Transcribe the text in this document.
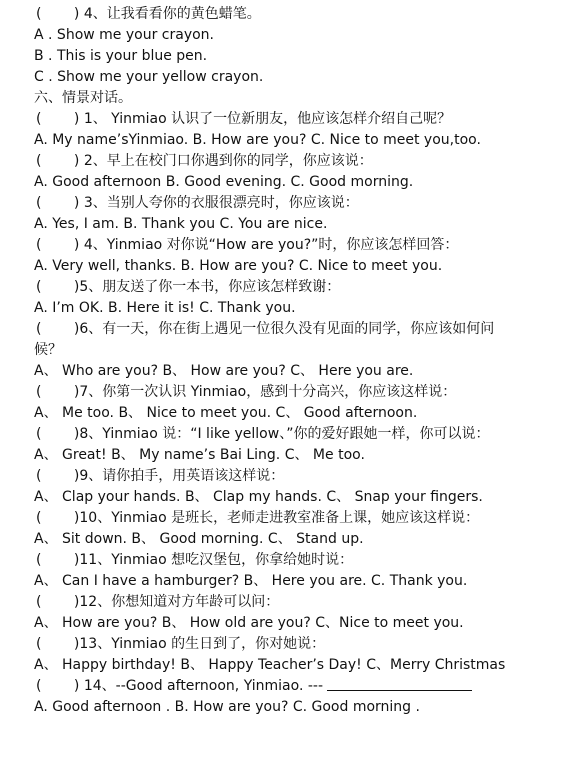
(　　 ) 4、让我看看你的黄色蜡笔。
A . Show me your crayon.
B . This is your blue pen.
C . Show me your yellow crayon.
六、情景对话。
(　　 ) 1、 Yinmiao 认识了一位新朋友，他应该怎样介绍自己呢？
A. My name’sYinmiao. B. How are you? C. Nice to meet you,too.
(　　 ) 2、早上在校门口你遇到你的同学，你应该说：
A. Good afternoon B. Good evening. C. Good morning.
(　　 ) 3、当别人夸你的衣服很漂亮时，你应该说：
A. Yes, I am. B. Thank you C. You are nice.
(　　 ) 4、Yinmiao 对你说“How are you?”时，你应该怎样回答：
A. Very well, thanks. B. How are you? C. Nice to meet you.
(　　 )5、朋友送了你一本书，你应该怎样致谢：
A. I’m OK. B. Here it is! C. Thank you.
(　　 )6、有一天，你在街上遇见一位很久没有见面的同学，你应该如何问
候？
A、 Who are you? B、 How are you? C、 Here you are.
(　　 )7、你第一次认识 Yinmiao，感到十分高兴，你应该这样说：
A、 Me too. B、 Nice to meet you. C、 Good afternoon.
(　　 )8、Yinmiao 说：“I like yellow、”你的爱好跟她一样，你可以说：
A、 Great! B、 My name’s Bai Ling. C、 Me too.
(　　 )9、请你拍手，用英语该这样说：
A、 Clap your hands. B、 Clap my hands. C、 Snap your fingers.
(　　 )10、Yinmiao 是班长，老师走进教室准备上课，她应该这样说：
A、 Sit down. B、 Good morning. C、 Stand up.
(　　 )11、Yinmiao 想吃汉堡包，你拿给她时说：
A、 Can I have a hamburger? B、 Here you are. C. Thank you.
(　　 )12、你想知道对方年龄可以问：
A、 How are you? B、 How old are you? C、Nice to meet you.
(　　 )13、Yinmiao 的生日到了，你对她说：
A、 Happy birthday! B、 Happy Teacher’s Day! C、Merry Christmas
(　　 ) 14、--Good afternoon, Yinmiao. ---
A. Good afternoon . B. How are you? C. Good morning .
